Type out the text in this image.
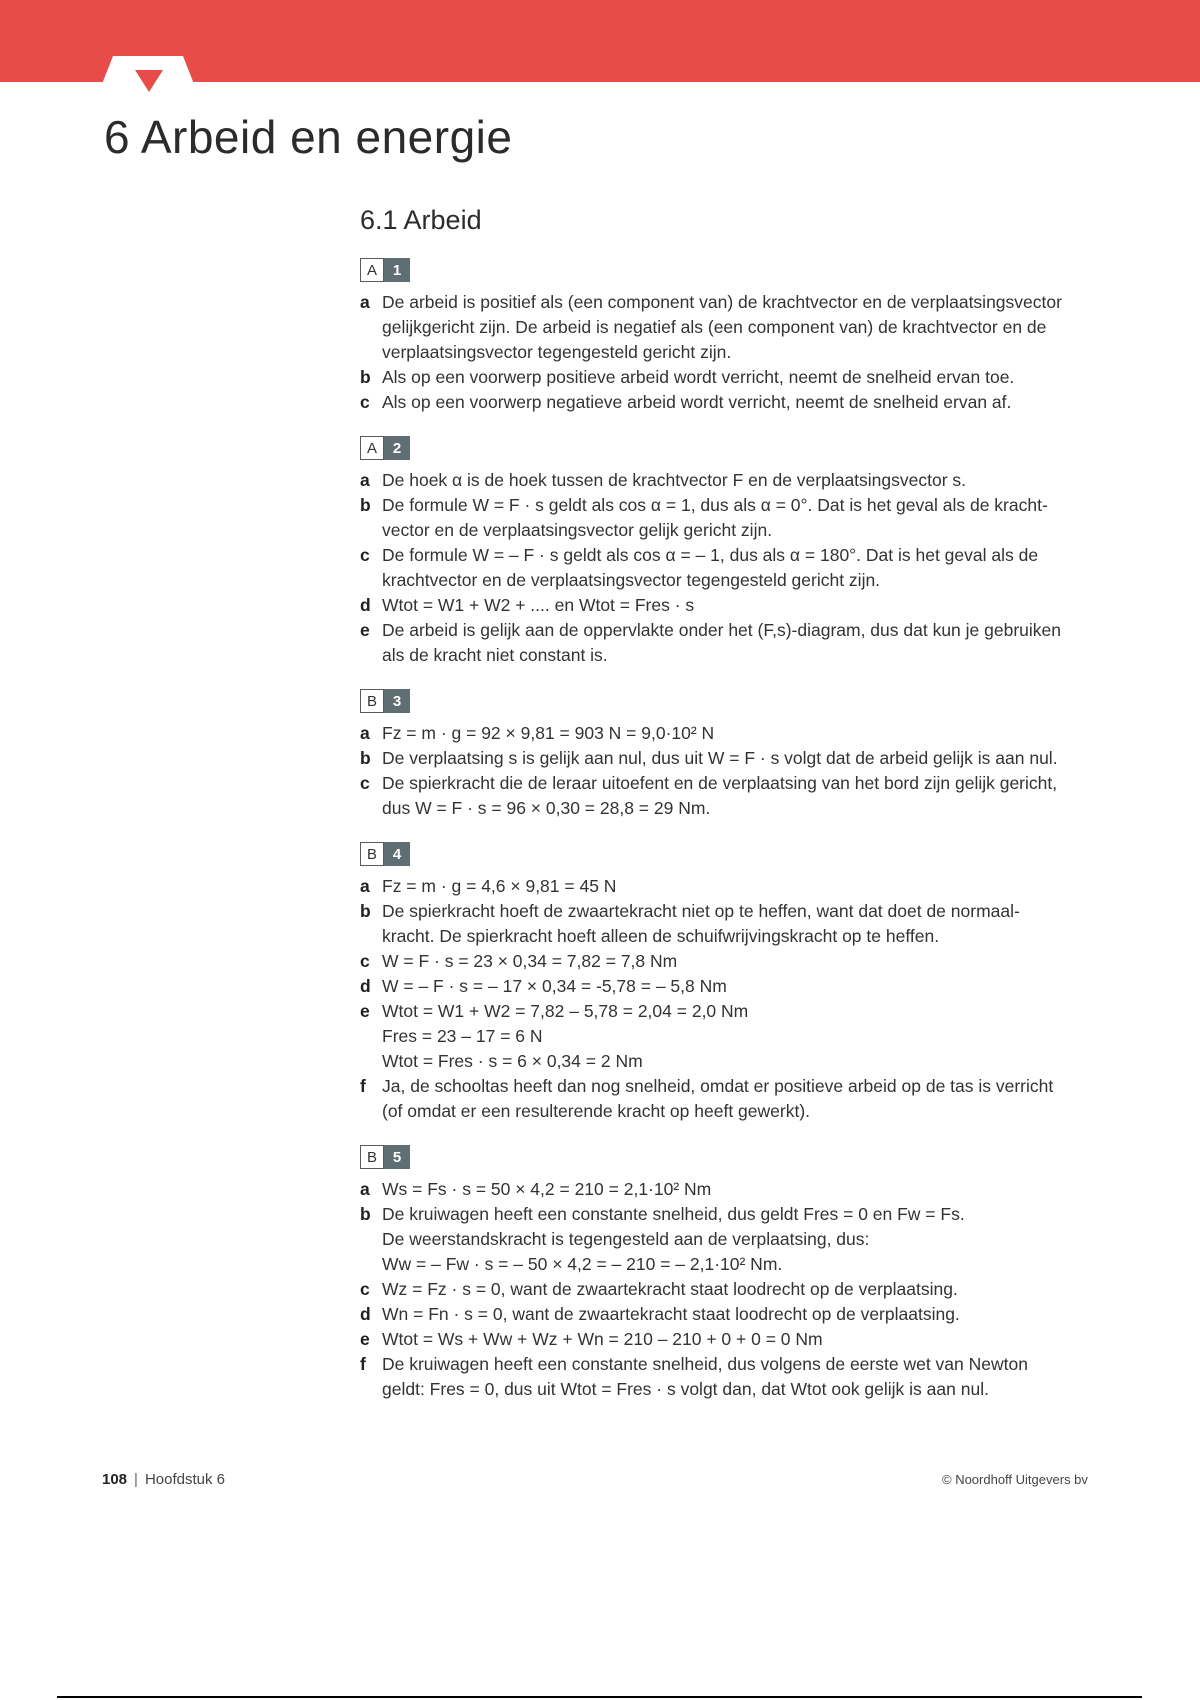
6 Arbeid en energie
6.1 Arbeid
A	1
a De arbeid is positief als (een component van) de krachtvector en de verplaatsingsvector
gelijkgericht zijn. De arbeid is negatief als (een component van) de krachtvector en de
verplaatsingsvector tegengesteld gericht zijn.
b Als op een voorwerp positieve arbeid wordt verricht, neemt de snelheid ervan toe.
c Als op een voorwerp negatieve arbeid wordt verricht, neemt de snelheid ervan af.
A	2
a De hoek α is de hoek tussen de krachtvector F en de verplaatsingsvector s.
b De formule W = F · s geldt als cos α = 1, dus als α = 0°. Dat is het geval als de kracht-
vector en de verplaatsingsvector gelijk gericht zijn.
c De formule W = – F · s geldt als cos α = – 1, dus als α = 180°. Dat is het geval als de
krachtvector en de verplaatsingsvector tegengesteld gericht zijn.
d Wtot = W1 + W2 + .... en Wtot = Fres · s
e De arbeid is gelijk aan de oppervlakte onder het (F,s)-diagram, dus dat kun je gebruiken
als de kracht niet constant is.
B	3
a Fz = m · g = 92 × 9,81 = 903 N = 9,0·10² N
b De verplaatsing s is gelijk aan nul, dus uit W = F · s volgt dat de arbeid gelijk is aan nul.
c De spierkracht die de leraar uitoefent en de verplaatsing van het bord zijn gelijk gericht,
dus W = F · s = 96 × 0,30 = 28,8 = 29 Nm.
B	4
a Fz = m · g = 4,6 × 9,81 = 45 N
b De spierkracht hoeft de zwaartekracht niet op te heffen, want dat doet de normaal-
kracht. De spierkracht hoeft alleen de schuifwrijvingskracht op te heffen.
c W = F · s = 23 × 0,34 = 7,82 = 7,8 Nm
d W = – F · s = – 17 × 0,34 = -5,78 = – 5,8 Nm
e Wtot = W1 + W2 = 7,82 – 5,78 = 2,04 = 2,0 Nm
Fres = 23 – 17 = 6 N
Wtot = Fres · s = 6 × 0,34 = 2 Nm
f Ja, de schooltas heeft dan nog snelheid, omdat er positieve arbeid op de tas is verricht
(of omdat er een resulterende kracht op heeft gewerkt).
B	5
a Ws = Fs · s = 50 × 4,2 = 210 = 2,1·10² Nm
b De kruiwagen heeft een constante snelheid, dus geldt Fres = 0 en Fw = Fs.
De weerstandskracht is tegengesteld aan de verplaatsing, dus:
Ww = – Fw · s = – 50 × 4,2 = – 210 = – 2,1·10² Nm.
c Wz = Fz · s = 0, want de zwaartekracht staat loodrecht op de verplaatsing.
d Wn = Fn · s = 0, want de zwaartekracht staat loodrecht op de verplaatsing.
e Wtot = Ws + Ww + Wz + Wn = 210 – 210 + 0 + 0 = 0 Nm
f De kruiwagen heeft een constante snelheid, dus volgens de eerste wet van Newton
geldt: Fres = 0, dus uit Wtot = Fres · s volgt dan, dat Wtot ook gelijk is aan nul.
108 | Hoofdstuk 6	© Noordhoff Uitgevers bv
